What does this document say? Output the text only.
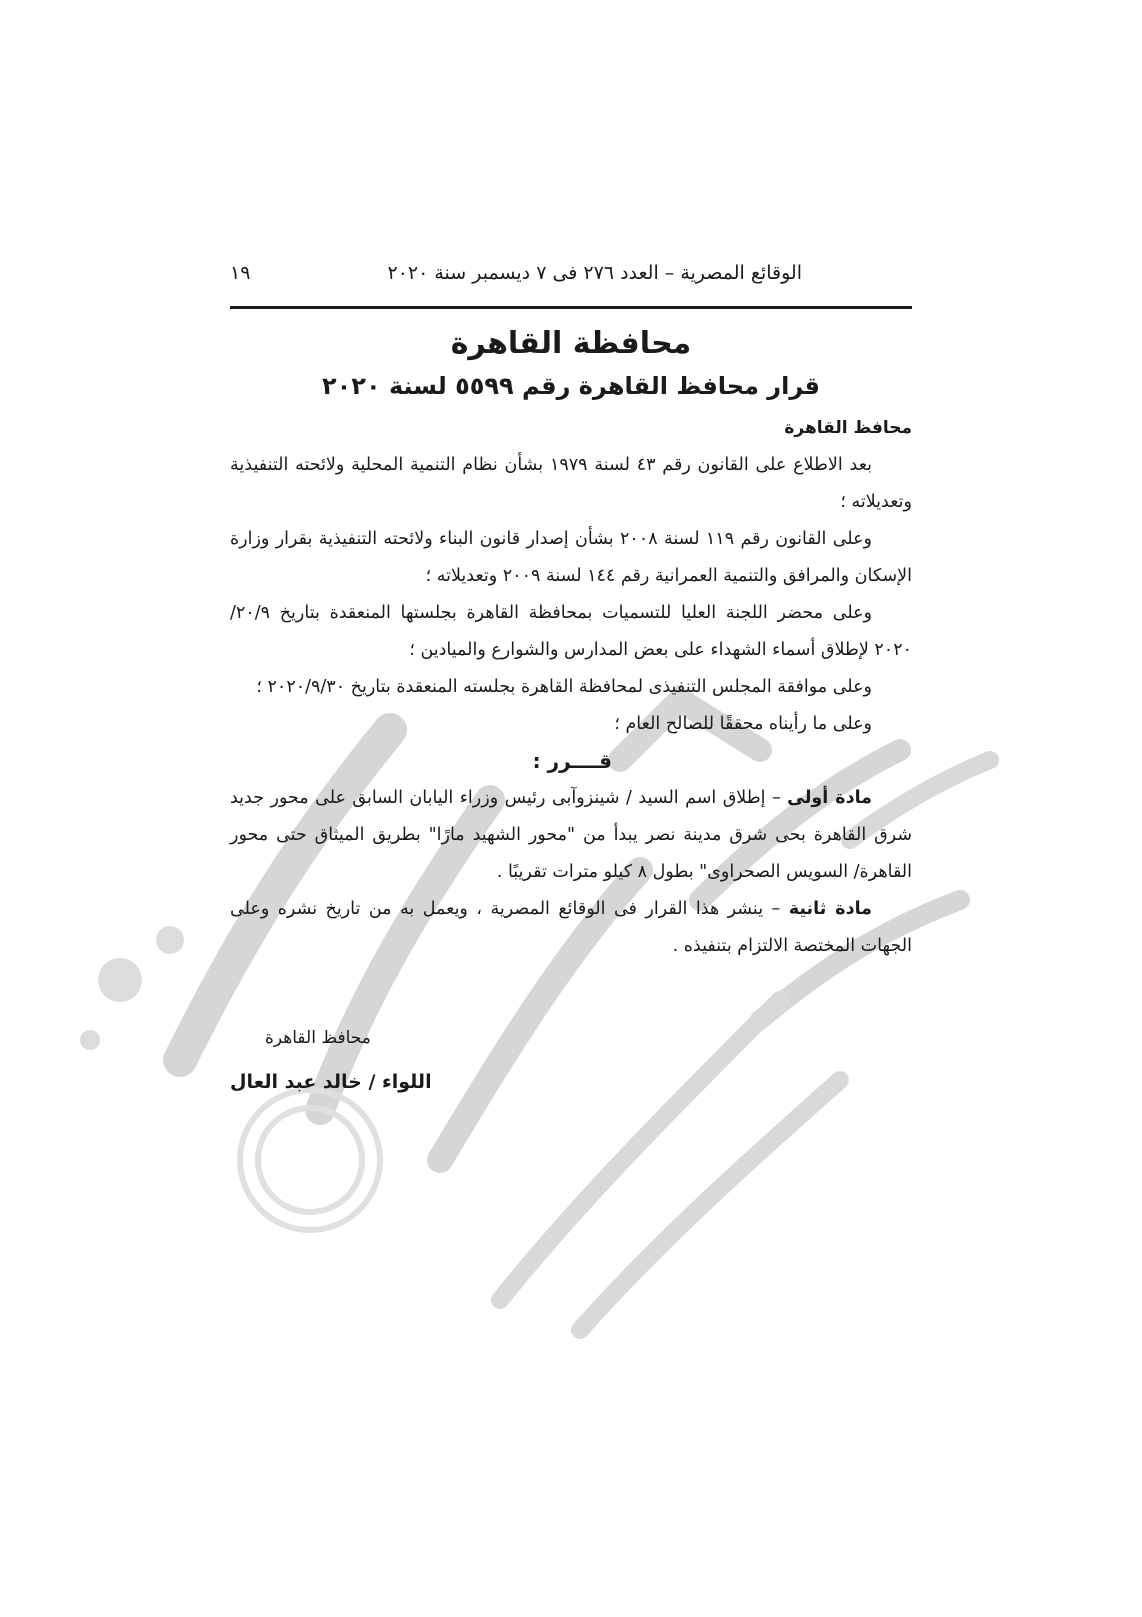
الوقائع المصرية – العدد ٢٧٦ فى ٧ ديسمبر سنة ٢٠٢٠
١٩
محافظة القاهرة
قرار محافظ القاهرة رقم ٥٥٩٩ لسنة ٢٠٢٠

محافظ القاهرة

بعد الاطلاع على القانون رقم ٤٣ لسنة ١٩٧٩ بشأن نظام التنمية المحلية ولائحته التنفيذية وتعديلاته ؛

وعلى القانون رقم ١١٩ لسنة ٢٠٠٨ بشأن إصدار قانون البناء ولائحته التنفيذية بقرار وزارة الإسكان والمرافق والتنمية العمرانية رقم ١٤٤ لسنة ٢٠٠٩ وتعديلاته ؛

وعلى محضر اللجنة العليا للتسميات بمحافظة القاهرة بجلستها المنعقدة بتاريخ ٢٠/٩/ ٢٠٢٠ لإطلاق أسماء الشهداء على بعض المدارس والشوارع والميادين ؛

وعلى موافقة المجلس التنفيذى لمحافظة القاهرة بجلسته المنعقدة بتاريخ ٢٠٢٠/٩/٣٠ ؛

وعلى ما رأيناه محققًا للصالح العام ؛

قــــرر :

مادة أولى – إطلاق اسم السيد / شينزوآبى رئيس وزراء اليابان السابق على محور جديد شرق القاهرة بحى شرق مدينة نصر يبدأ من "محور الشهيد مارًا" بطريق الميثاق حتى محور القاهرة/ السويس الصحراوى" بطول ٨ كيلو مترات تقريبًا .

مادة ثانية – ينشر هذا القرار فى الوقائع المصرية ، ويعمل به من تاريخ نشره وعلى الجهات المختصة الالتزام بتنفيذه .

محافظ القاهرة
اللواء / خالد عبد العال
